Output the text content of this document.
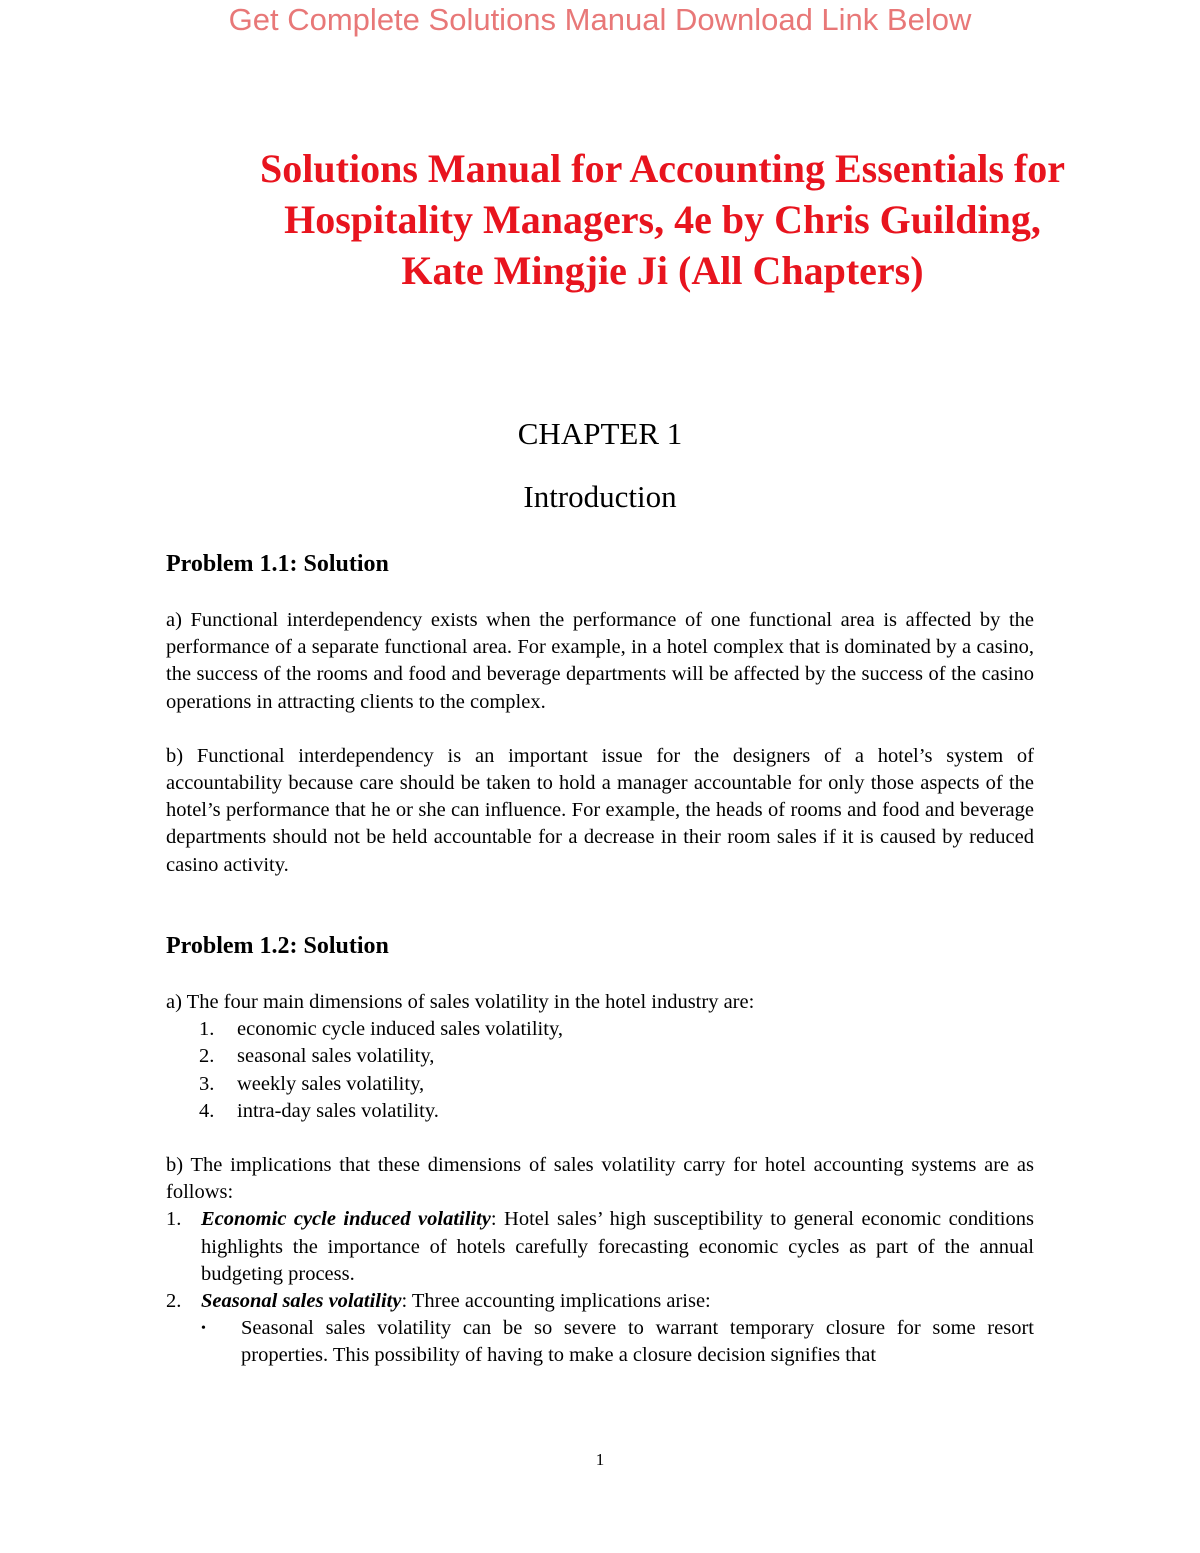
Get Complete Solutions Manual Download Link Below
Solutions Manual for Accounting Essentials for
Hospitality Managers, 4e by Chris Guilding,
Kate Mingjie Ji (All Chapters)
CHAPTER 1
Introduction
Problem 1.1: Solution

a) Functional interdependency exists when the performance of one functional area is affected by the performance of a separate functional area. For example, in a hotel complex that is dominated by a casino, the success of the rooms and food and beverage departments will be affected by the success of the casino operations in attracting clients to the complex.

b) Functional interdependency is an important issue for the designers of a hotel’s system of accountability because care should be taken to hold a manager accountable for only those aspects of the hotel’s performance that he or she can influence. For example, the heads of rooms and food and beverage departments should not be held accountable for a decrease in their room sales if it is caused by reduced casino activity.

Problem 1.2: Solution

a) The four main dimensions of sales volatility in the hotel industry are:

1. economic cycle induced sales volatility,
2. seasonal sales volatility,
3. weekly sales volatility,
4. intra-day sales volatility.

b) The implications that these dimensions of sales volatility carry for hotel accounting systems are as follows:

1. Economic cycle induced volatility: Hotel sales’ high susceptibility to general economic conditions highlights the importance of hotels carefully forecasting economic cycles as part of the annual budgeting process.
2. Seasonal sales volatility: Three accounting implications arise:
• Seasonal sales volatility can be so severe to warrant temporary closure for some resort properties. This possibility of having to make a closure decision signifies that
1
